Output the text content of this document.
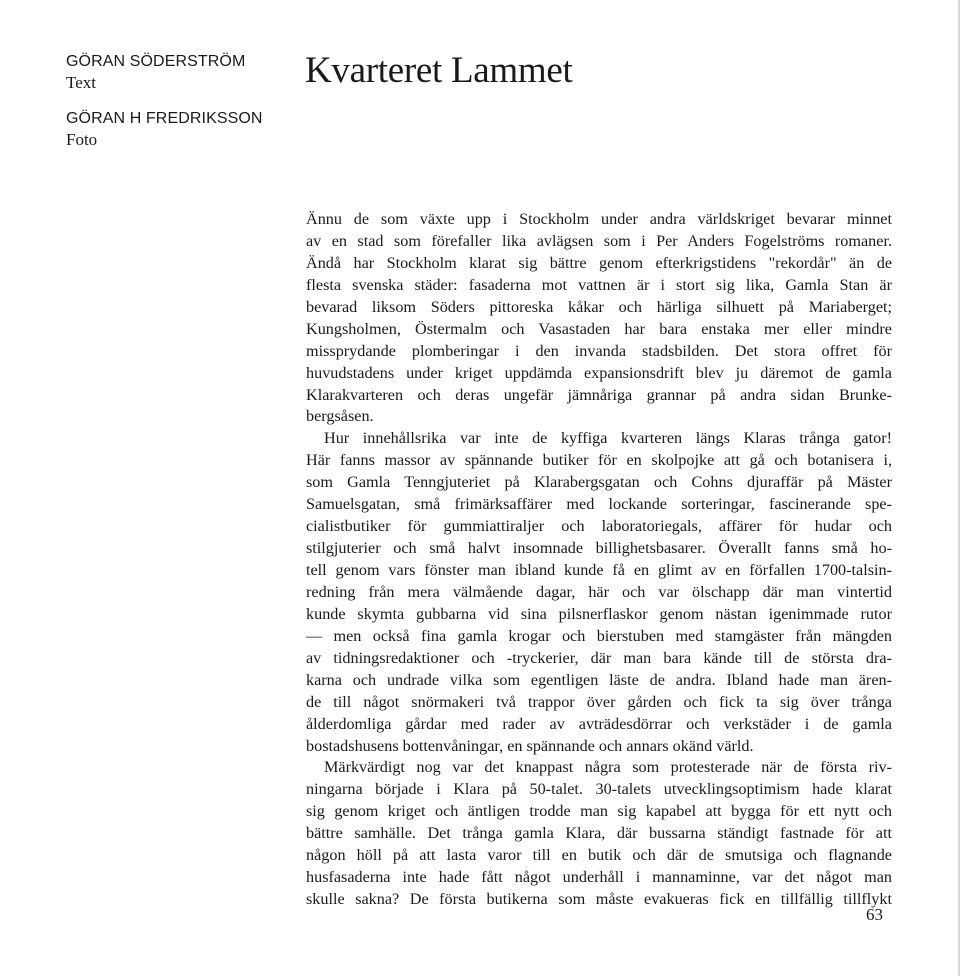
GÖRAN SÖDERSTRÖM
Text
GÖRAN H FREDRIKSSON
Foto
Kvarteret Lammet
Ännu de som växte upp i Stockholm under andra världskriget bevarar minnet
av en stad som förefaller lika avlägsen som i Per Anders Fogelströms romaner.
Ändå har Stockholm klarat sig bättre genom efterkrigstidens "rekordår" än de
flesta svenska städer: fasaderna mot vattnen är i stort sig lika, Gamla Stan är
bevarad liksom Söders pittoreska kåkar och härliga silhuett på Mariaberget;
Kungsholmen, Östermalm och Vasastaden har bara enstaka mer eller mindre
missprydande plomberingar i den invanda stadsbilden. Det stora offret för
huvudstadens under kriget uppdämda expansionsdrift blev ju däremot de gamla
Klarakvarteren och deras ungefär jämnåriga grannar på andra sidan Brunke-
bergsåsen.
Hur innehållsrika var inte de kyffiga kvarteren längs Klaras trånga gator!
Här fanns massor av spännande butiker för en skolpojke att gå och botanisera i,
som Gamla Tenngjuteriet på Klarabergsgatan och Cohns djuraffär på Mäster
Samuelsgatan, små frimärksaffärer med lockande sorteringar, fascinerande spe-
cialistbutiker för gummiattiraljer och laboratoriegals, affärer för hudar och
stilgjuterier och små halvt insomnade billighetsbasarer. Överallt fanns små ho-
tell genom vars fönster man ibland kunde få en glimt av en förfallen 1700-talsin-
redning från mera välmående dagar, här och var ölschapp där man vintertid
kunde skymta gubbarna vid sina pilsnerflaskor genom nästan igenimmade rutor
— men också fina gamla krogar och bierstuben med stamgäster från mängden
av tidningsredaktioner och -tryckerier, där man bara kände till de största dra-
karna och undrade vilka som egentligen läste de andra. Ibland hade man ären-
de till något snörmakeri två trappor över gården och fick ta sig över trånga
ålderdomliga gårdar med rader av avträdesdörrar och verkstäder i de gamla
bostadshusens bottenvåningar, en spännande och annars okänd värld.
Märkvärdigt nog var det knappast några som protesterade när de första riv-
ningarna började i Klara på 50-talet. 30-talets utvecklingsoptimism hade klarat
sig genom kriget och äntligen trodde man sig kapabel att bygga för ett nytt och
bättre samhälle. Det trånga gamla Klara, där bussarna ständigt fastnade för att
någon höll på att lasta varor till en butik och där de smutsiga och flagnande
husfasaderna inte hade fått något underhåll i mannaminne, var det något man
skulle sakna? De första butikerna som måste evakueras fick en tillfällig tillflykt
63
